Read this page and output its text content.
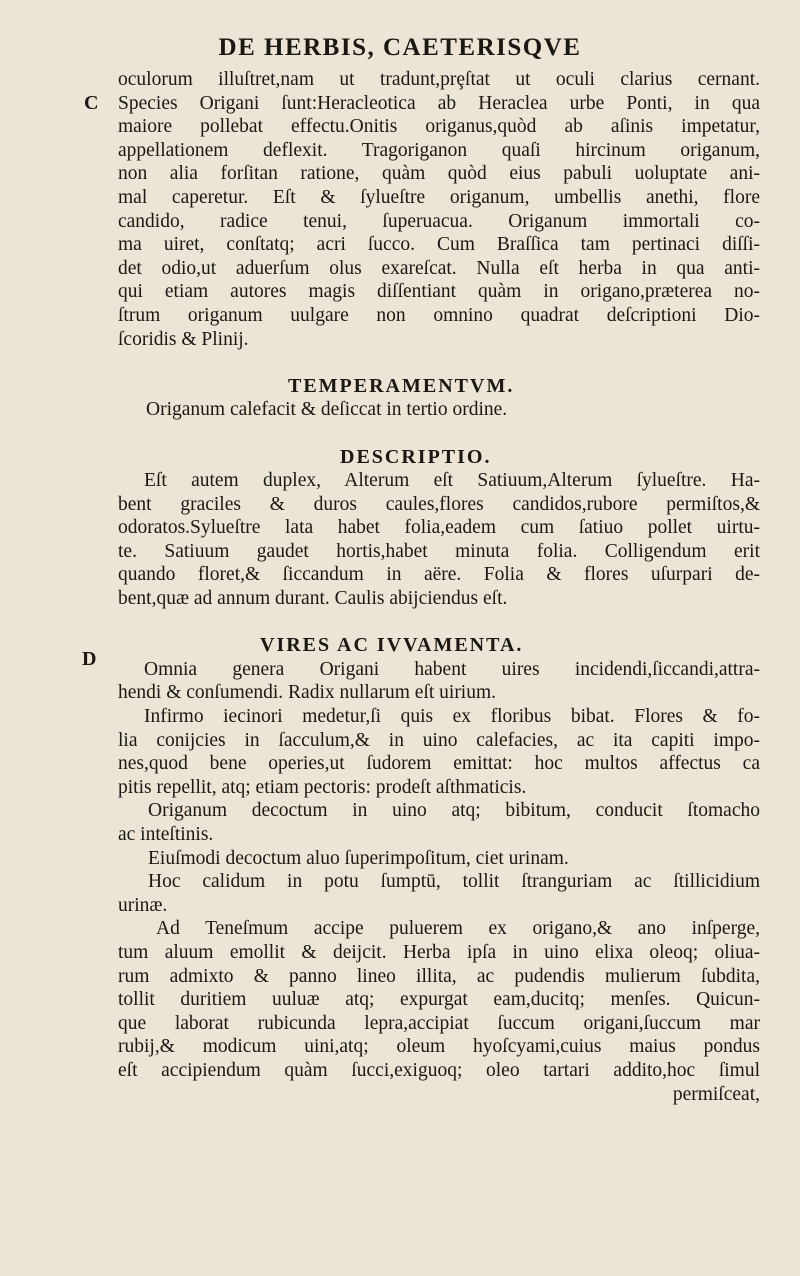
DE HERBIS, CAETERISQVE
C
D
oculorum illuſtret,nam ut tradunt,prȩſtat ut oculi clarius cernant.
Species Origani ſunt:Heracleotica ab Heraclea urbe Ponti, in qua
maiore pollebat effectu.Onitis origanus,quòd ab aſinis impetatur,
appellationem deflexit. Tragoriganon quaſi hircinum origanum,
non alia forſitan ratione, quàm quòd eius pabuli uoluptate ani-
mal caperetur. Eſt & ſylueſtre origanum, umbellis anethi, flore
candido, radice tenui, ſuperuacua. Origanum immortali co-
ma uiret, conſtatq; acri ſucco. Cum Braſſica tam pertinaci diſſi-
det odio,ut aduerſum olus exareſcat. Nulla eſt herba in qua anti-
qui etiam autores magis diſſentiant quàm in origano,præterea no-
ſtrum origanum uulgare non omnino quadrat deſcriptioni Dio-
ſcoridis & Plinij.
TEMPERAMENTVM.
Origanum calefacit & deſiccat in tertio ordine.
DESCRIPTIO.
Eſt autem duplex, Alterum eſt Satiuum,Alterum ſylueſtre. Ha-
bent graciles & duros caules,flores candidos,rubore permiſtos,&
odoratos.Sylueſtre lata habet folia,eadem cum ſatiuo pollet uirtu-
te. Satiuum gaudet hortis,habet minuta folia. Colligendum erit
quando floret,& ſiccandum in aëre. Folia & flores uſurpari de-
bent,quæ ad annum durant. Caulis abijciendus eſt.
VIRES AC IVVAMENTA.
Omnia genera Origani habent uires incidendi,ſiccandi,attra-
hendi & conſumendi. Radix nullarum eſt uirium.
Infirmo iecinori medetur,ſi quis ex floribus bibat. Flores & fo-
lia conijcies in ſacculum,& in uino calefacies, ac ita capiti impo-
nes,quod bene operies,ut ſudorem emittat: hoc multos affectus ca
pitis repellit, atq; etiam pectoris: prodeſt aſthmaticis.
Origanum decoctum in uino atq; bibitum, conducit ſtomacho
ac inteſtinis.
Eiuſmodi decoctum aluo ſuperimpoſitum, ciet urinam.
Hoc calidum in potu ſumptū, tollit ſtranguriam ac ſtillicidium
urinæ.
Ad Teneſmum accipe puluerem ex origano,& ano inſperge,
tum aluum emollit & deijcit. Herba ipſa in uino elixa oleoq; oliua-
rum admixto & panno lineo illita, ac pudendis mulierum ſubdita,
tollit duritiem uuluæ atq; expurgat eam,ducitq; menſes. Quicun-
que laborat rubicunda lepra,accipiat ſuccum origani,ſuccum mar
rubij,& modicum uini,atq; oleum hyoſcyami,cuius maius pondus
eſt accipiendum quàm ſucci,exiguoq; oleo tartari addito,hoc ſimul
permiſceat,
